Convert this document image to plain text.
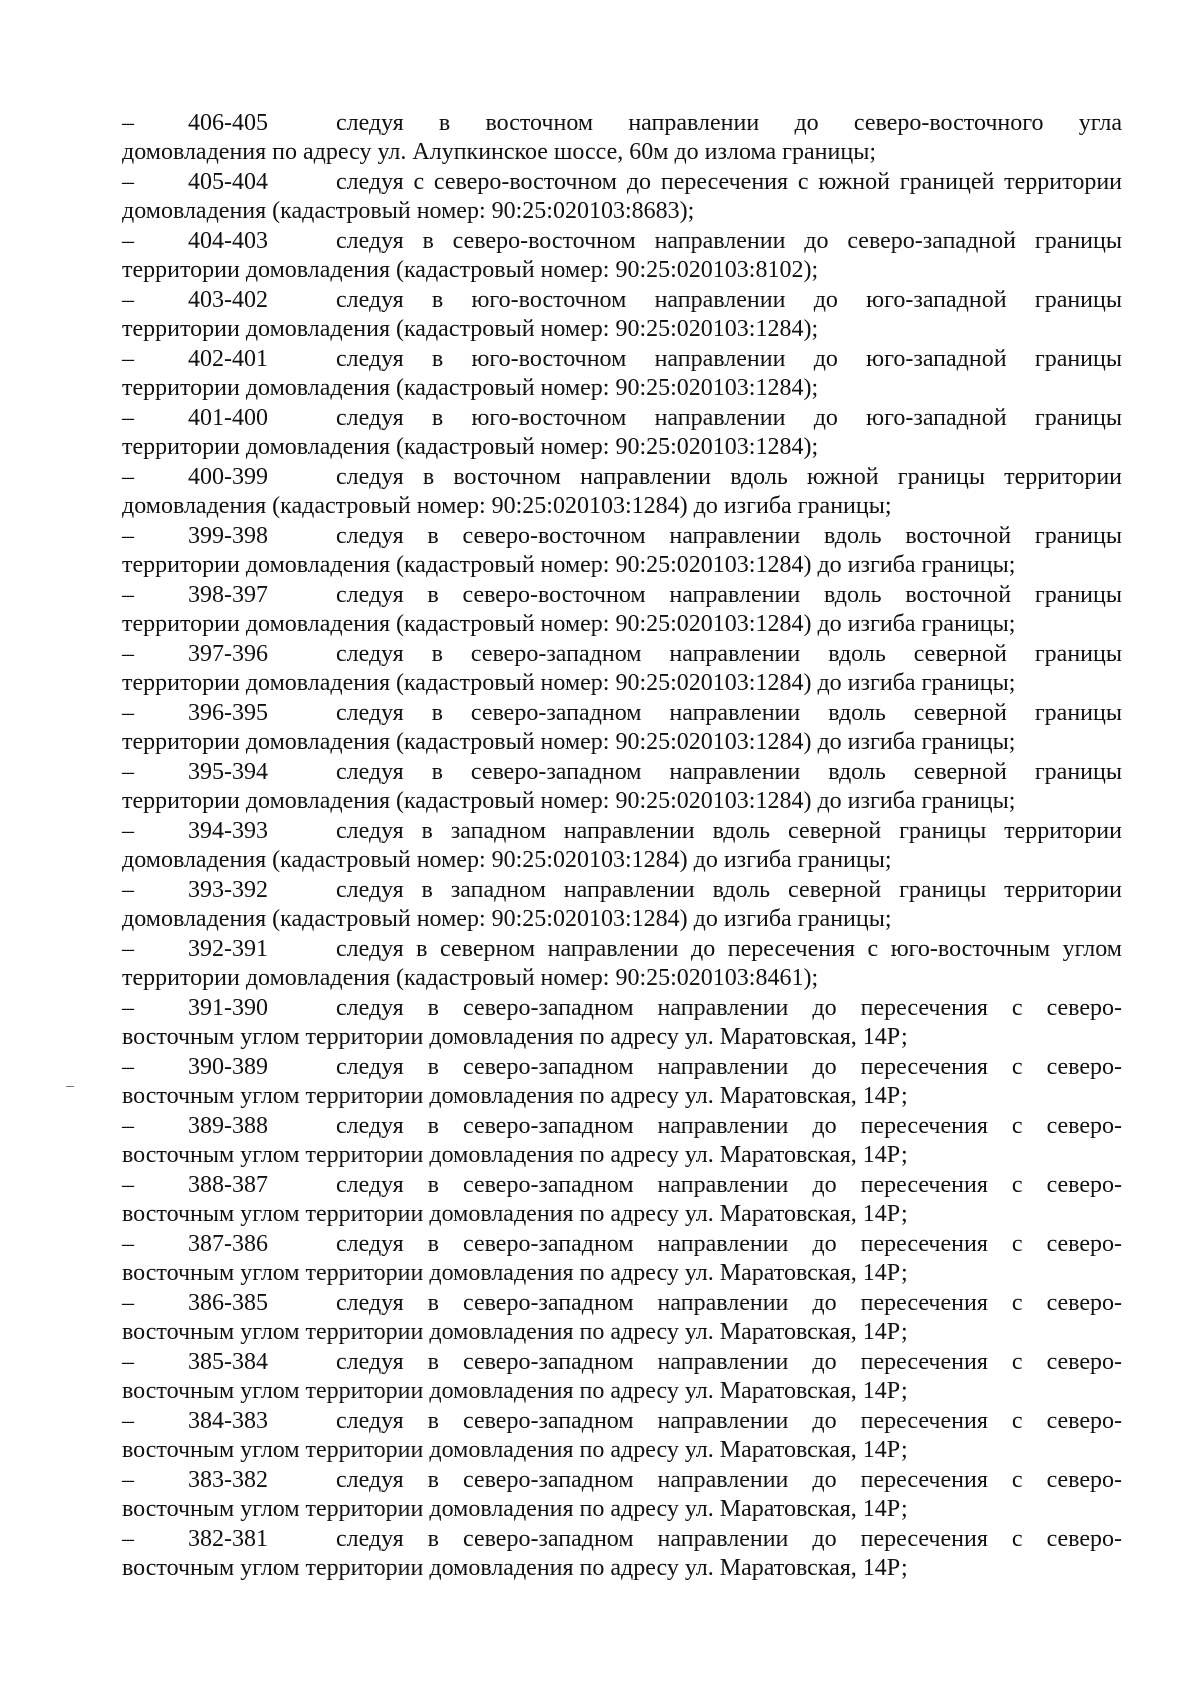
–	406-405	следуя в восточном направлении до северо-восточного угла
домовладения по адресу ул. Алупкинское шоссе, 60м до излома границы;
–	405-404	следуя с северо-восточном до пересечения с южной границей территории
домовладения (кадастровый номер: 90:25:020103:8683);
–	404-403	следуя в северо-восточном направлении до северо-западной границы
территории домовладения (кадастровый номер: 90:25:020103:8102);
–	403-402	следуя в юго-восточном направлении до юго-западной границы
территории домовладения (кадастровый номер: 90:25:020103:1284);
–	402-401	следуя в юго-восточном направлении до юго-западной границы
территории домовладения (кадастровый номер: 90:25:020103:1284);
–	401-400	следуя в юго-восточном направлении до юго-западной границы
территории домовладения (кадастровый номер: 90:25:020103:1284);
–	400-399	следуя в восточном направлении вдоль южной границы территории
домовладения (кадастровый номер: 90:25:020103:1284) до изгиба границы;
–	399-398	следуя в северо-восточном направлении вдоль восточной границы
территории домовладения (кадастровый номер: 90:25:020103:1284) до изгиба границы;
–	398-397	следуя в северо-восточном направлении вдоль восточной границы
территории домовладения (кадастровый номер: 90:25:020103:1284) до изгиба границы;
–	397-396	следуя в северо-западном направлении вдоль северной границы
территории домовладения (кадастровый номер: 90:25:020103:1284) до изгиба границы;
–	396-395	следуя в северо-западном направлении вдоль северной границы
территории домовладения (кадастровый номер: 90:25:020103:1284) до изгиба границы;
–	395-394	следуя в северо-западном направлении вдоль северной границы
территории домовладения (кадастровый номер: 90:25:020103:1284) до изгиба границы;
–	394-393	следуя в западном направлении вдоль северной границы территории
домовладения (кадастровый номер: 90:25:020103:1284) до изгиба границы;
–	393-392	следуя в западном направлении вдоль северной границы территории
домовладения (кадастровый номер: 90:25:020103:1284) до изгиба границы;
–	392-391	следуя в северном направлении до пересечения с юго-восточным углом
территории домовладения (кадастровый номер: 90:25:020103:8461);
–	391-390	следуя в северо-западном направлении до пересечения с северо-
восточным углом территории домовладения по адресу ул. Маратовская, 14Р;
–	390-389	следуя в северо-западном направлении до пересечения с северо-
восточным углом территории домовладения по адресу ул. Маратовская, 14Р;
–	389-388	следуя в северо-западном направлении до пересечения с северо-
восточным углом территории домовладения по адресу ул. Маратовская, 14Р;
–	388-387	следуя в северо-западном направлении до пересечения с северо-
восточным углом территории домовладения по адресу ул. Маратовская, 14Р;
–	387-386	следуя в северо-западном направлении до пересечения с северо-
восточным углом территории домовладения по адресу ул. Маратовская, 14Р;
–	386-385	следуя в северо-западном направлении до пересечения с северо-
восточным углом территории домовладения по адресу ул. Маратовская, 14Р;
–	385-384	следуя в северо-западном направлении до пересечения с северо-
восточным углом территории домовладения по адресу ул. Маратовская, 14Р;
–	384-383	следуя в северо-западном направлении до пересечения с северо-
восточным углом территории домовладения по адресу ул. Маратовская, 14Р;
–	383-382	следуя в северо-западном направлении до пересечения с северо-
восточным углом территории домовладения по адресу ул. Маратовская, 14Р;
–	382-381	следуя в северо-западном направлении до пересечения с северо-
восточным углом территории домовладения по адресу ул. Маратовская, 14Р;
